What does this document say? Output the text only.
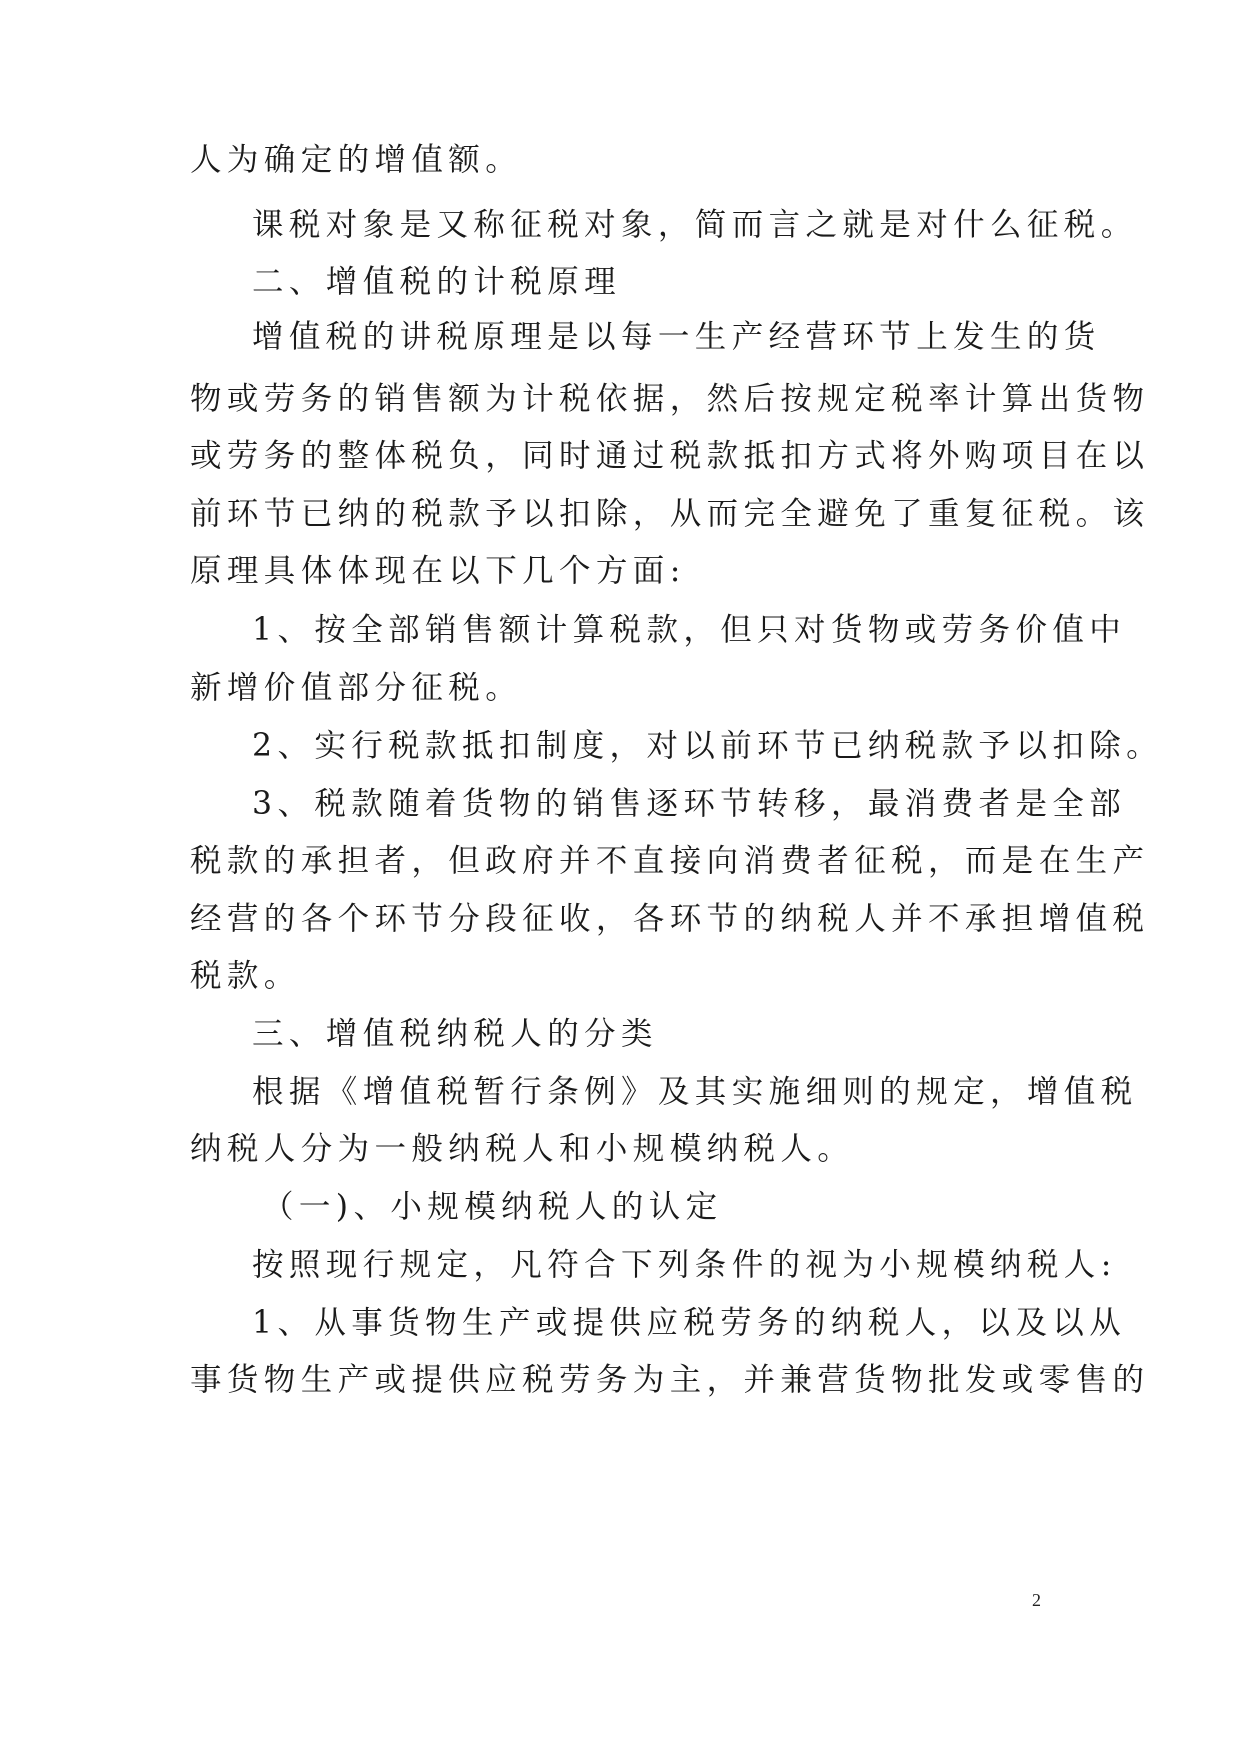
人为确定的增值额。
课税对象是又称征税对象，简而言之就是对什么征税。
二、增值税的计税原理
增值税的讲税原理是以每一生产经营环节上发生的货
物或劳务的销售额为计税依据，然后按规定税率计算出货物
或劳务的整体税负，同时通过税款抵扣方式将外购项目在以
前环节已纳的税款予以扣除，从而完全避免了重复征税。该
原理具体体现在以下几个方面:
1、按全部销售额计算税款，但只对货物或劳务价值中
新增价值部分征税。
2、实行税款抵扣制度，对以前环节已纳税款予以扣除。
3、税款随着货物的销售逐环节转移，最消费者是全部
税款的承担者，但政府并不直接向消费者征税，而是在生产
经营的各个环节分段征收，各环节的纳税人并不承担增值税
税款。
三、增值税纳税人的分类
根据《增值税暂行条例》及其实施细则的规定，增值税
纳税人分为一般纳税人和小规模纳税人。
（一)、小规模纳税人的认定
按照现行规定，凡符合下列条件的视为小规模纳税人:
1、从事货物生产或提供应税劳务的纳税人，以及以从
事货物生产或提供应税劳务为主，并兼营货物批发或零售的
2
